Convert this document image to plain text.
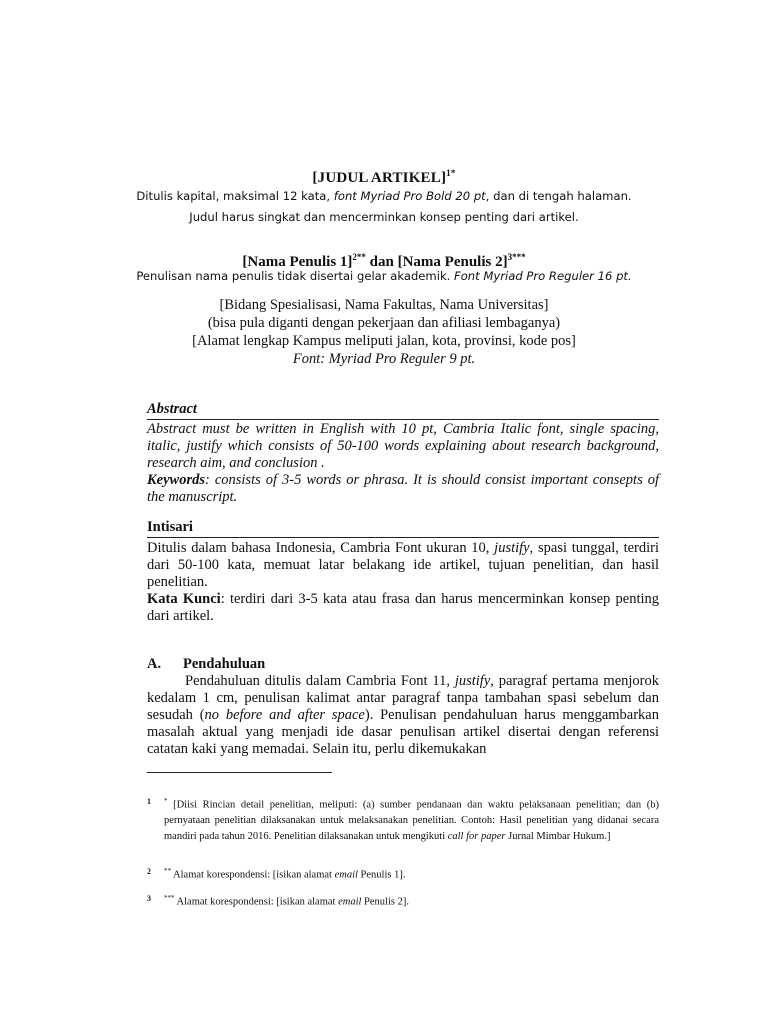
[JUDUL ARTIKEL]$^{1*}$
Ditulis kapital, maksimal 12 kata, font Myriad Pro Bold 20 pt, dan di tengah halaman.
Judul harus singkat dan mencerminkan konsep penting dari artikel.
[Nama Penulis 1]$^{2**}$ dan [Nama Penulis 2]$^{3***}$
Penulisan nama penulis tidak disertai gelar akademik. Font Myriad Pro Reguler 16 pt.
[Bidang Spesialisasi, Nama Fakultas, Nama Universitas]
(bisa pula diganti dengan pekerjaan dan afiliasi lembaganya)
[Alamat lengkap Kampus meliputi jalan, kota, provinsi, kode pos]
Font: Myriad Pro Reguler 9 pt.
Abstract
Abstract must be written in English with 10 pt, Cambria Italic font, single spacing, italic, justify which consists of 50-100 words explaining about research background, research aim, and conclusion .
Keywords: consists of 3-5 words or phrasa. It is should consist important consepts of the manuscript.
Intisari
Ditulis dalam bahasa Indonesia, Cambria Font ukuran 10, justify, spasi tunggal, terdiri dari 50-100 kata, memuat latar belakang ide artikel, tujuan penelitian, dan hasil penelitian.
Kata Kunci: terdiri dari 3-5 kata atau frasa dan harus mencerminkan konsep penting dari artikel.
A. Pendahuluan
Pendahuluan ditulis dalam Cambria Font 11, justify, paragraf pertama menjorok kedalam 1 cm, penulisan kalimat antar paragraf tanpa tambahan spasi sebelum dan sesudah (no before and after space). Penulisan pendahuluan harus menggambarkan masalah aktual yang menjadi ide dasar penulisan artikel disertai dengan referensi catatan kaki yang memadai. Selain itu, perlu dikemukakan
1 * [Diisi Rincian detail penelitian, meliputi: (a) sumber pendanaan dan waktu pelaksanaan penelitian; dan (b) pernyataan penelitian dilaksanakan untuk melaksanakan penelitian. Contoh: Hasil penelitian yang didanai secara mandiri pada tahun 2016. Penelitian dilaksanakan untuk mengikuti call for paper Jurnal Mimbar Hukum.]
2 ** Alamat korespondensi: [isikan alamat email Penulis 1].
3 *** Alamat korespondensi: [isikan alamat email Penulis 2].
